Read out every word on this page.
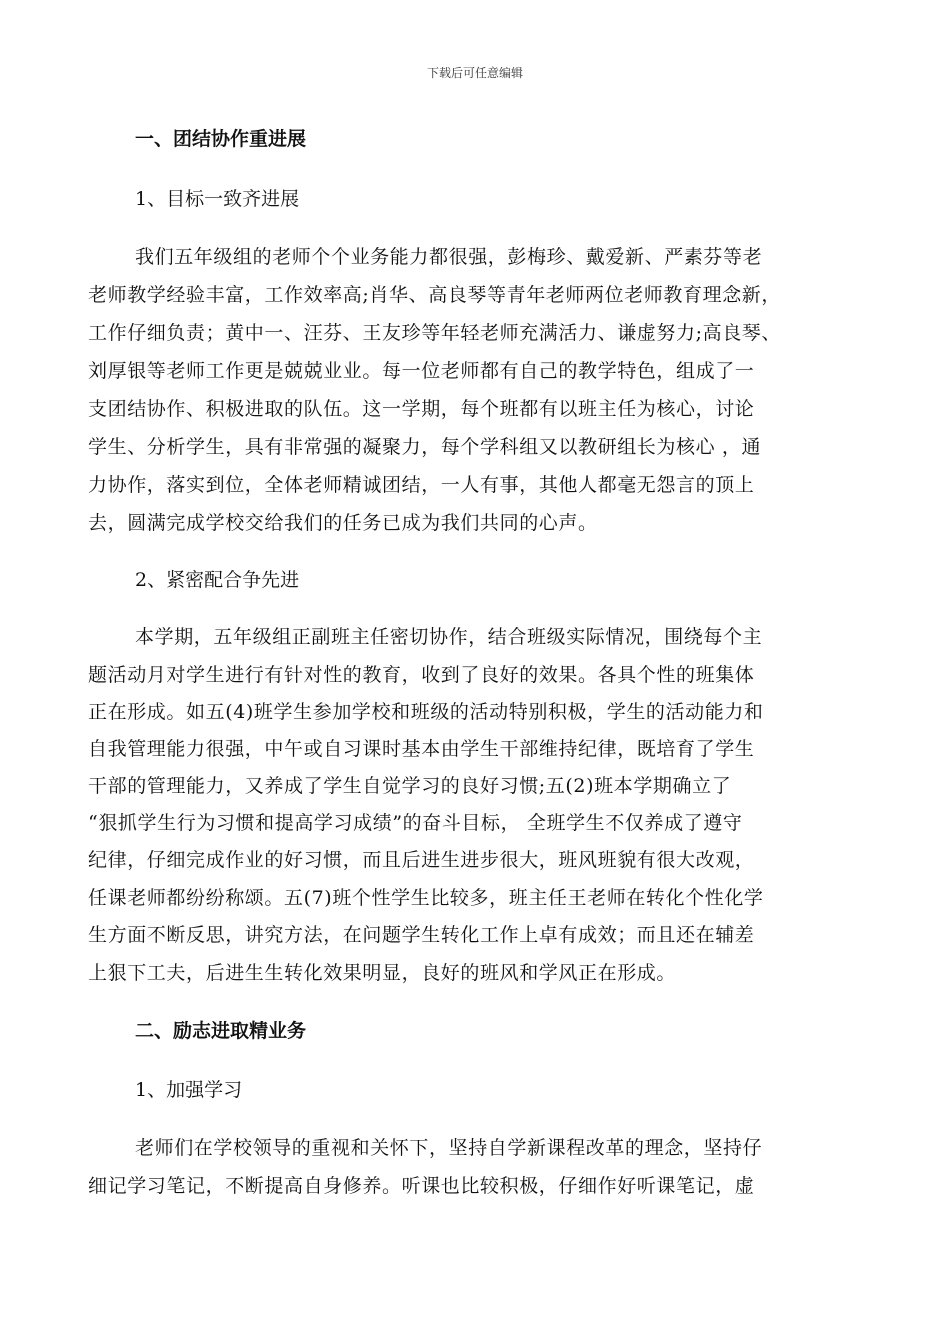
下载后可任意编辑
一、团结协作重进展
1、目标一致齐进展
我们五年级组的老师个个业务能力都很强，彭梅珍、戴爱新、严素芬等老
老师教学经验丰富，工作效率高;肖华、高良琴等青年老师两位老师教育理念新，
工作仔细负责；黄中一、汪芬、王友珍等年轻老师充满活力、谦虚努力;高良琴、
刘厚银等老师工作更是兢兢业业。每一位老师都有自己的教学特色，组成了一
支团结协作、积极进取的队伍。这一学期，每个班都有以班主任为核心，讨论
学生、分析学生，具有非常强的凝聚力，每个学科组又以教研组长为核心 ，通
力协作，落实到位，全体老师精诚团结，一人有事，其他人都毫无怨言的顶上
去，圆满完成学校交给我们的任务已成为我们共同的心声。
2、紧密配合争先进
本学期，五年级组正副班主任密切协作，结合班级实际情况，围绕每个主
题活动月对学生进行有针对性的教育，收到了良好的效果。各具个性的班集体
正在形成。如五(4)班学生参加学校和班级的活动特别积极，学生的活动能力和
自我管理能力很强，中午或自习课时基本由学生干部维持纪律，既培育了学生
干部的管理能力，又养成了学生自觉学习的良好习惯;五(2)班本学期确立了
“狠抓学生行为习惯和提高学习成绩”的奋斗目标， 全班学生不仅养成了遵守
纪律，仔细完成作业的好习惯，而且后进生进步很大，班风班貌有很大改观，
任课老师都纷纷称颂。五(7)班个性学生比较多，班主任王老师在转化个性化学
生方面不断反思，讲究方法，在问题学生转化工作上卓有成效；而且还在辅差
上狠下工夫，后进生生转化效果明显，良好的班风和学风正在形成。
二、励志进取精业务
1、加强学习
老师们在学校领导的重视和关怀下，坚持自学新课程改革的理念，坚持仔
细记学习笔记，不断提高自身修养。听课也比较积极，仔细作好听课笔记，虚
